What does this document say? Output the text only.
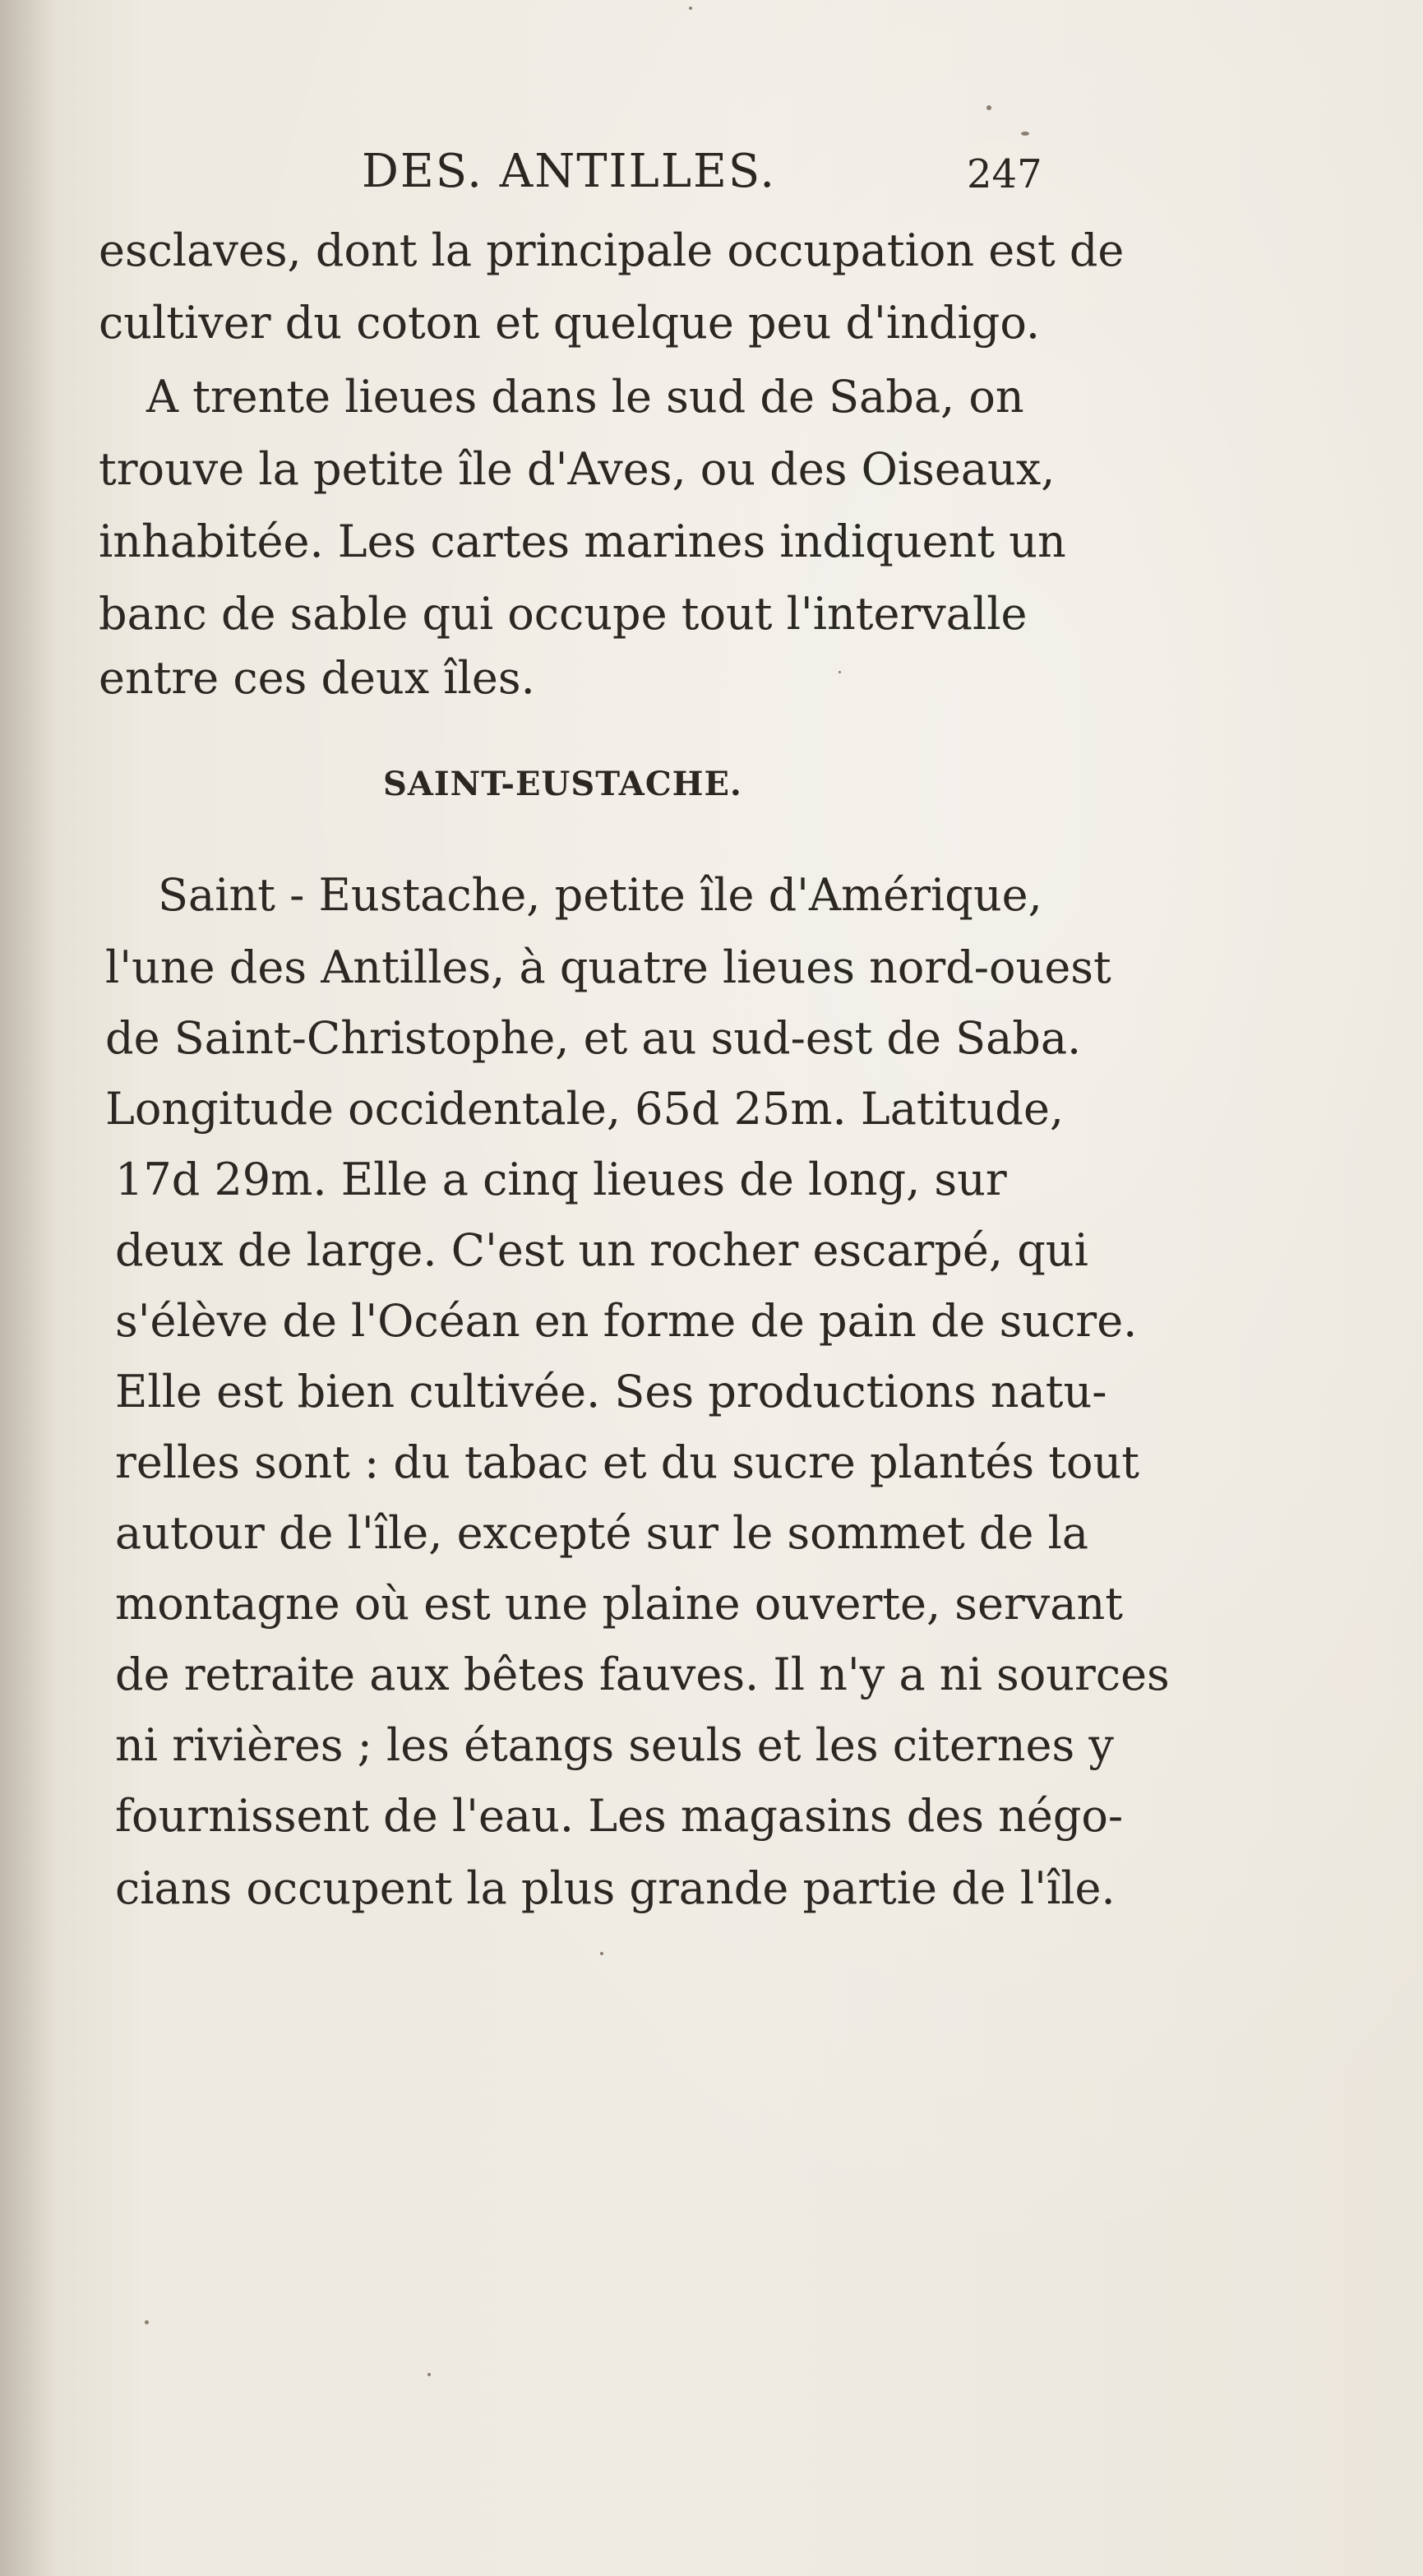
DES. ANTILLES.	247
esclaves, dont la principale occupation est de
cultiver du coton et quelque peu d'indigo.
A trente lieues dans le sud de Saba, on
trouve la petite île d'Aves, ou des Oiseaux,
inhabitée. Les cartes marines indiquent un
banc de sable qui occupe tout l'intervalle
entre ces deux îles.
SAINT-EUSTACHE.
Saint - Eustache, petite île d'Amérique,
l'une des Antilles, à quatre lieues nord-ouest
de Saint-Christophe, et au sud-est de Saba.
Longitude occidentale, 65d 25m. Latitude,
17d 29m. Elle a cinq lieues de long, sur
deux de large. C'est un rocher escarpé, qui
s'élève de l'Océan en forme de pain de sucre.
Elle est bien cultivée. Ses productions natu-
relles sont : du tabac et du sucre plantés tout
autour de l'île, excepté sur le sommet de la
montagne où est une plaine ouverte, servant
de retraite aux bêtes fauves. Il n'y a ni sources
ni rivières ; les étangs seuls et les citernes y
fournissent de l'eau. Les magasins des négo-
cians occupent la plus grande partie de l'île.
